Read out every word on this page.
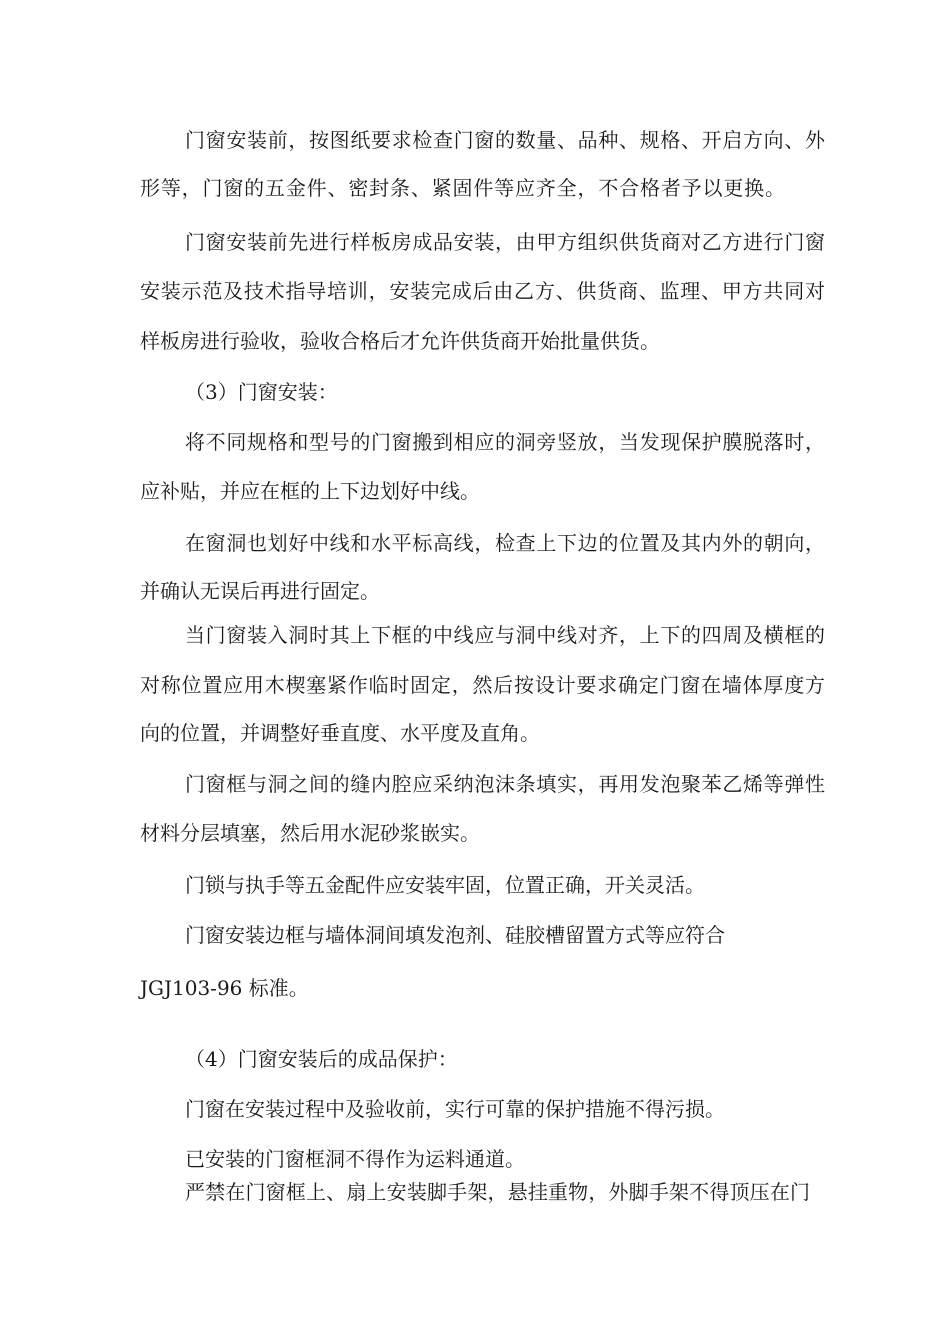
门窗安装前，按图纸要求检查门窗的数量、品种、规格、开启方向、外

形等，门窗的五金件、密封条、紧固件等应齐全，不合格者予以更换。

门窗安装前先进行样板房成品安装，由甲方组织供货商对乙方进行门窗

安装示范及技术指导培训，安装完成后由乙方、供货商、监理、甲方共同对

样板房进行验收，验收合格后才允许供货商开始批量供货。

（3）门窗安装：

将不同规格和型号的门窗搬到相应的洞旁竖放，当发现保护膜脱落时，

应补贴，并应在框的上下边划好中线。

在窗洞也划好中线和水平标高线，检查上下边的位置及其内外的朝向，

并确认无误后再进行固定。

当门窗装入洞时其上下框的中线应与洞中线对齐，上下的四周及横框的

对称位置应用木楔塞紧作临时固定，然后按设计要求确定门窗在墙体厚度方

向的位置，并调整好垂直度、水平度及直角。

门窗框与洞之间的缝内腔应采纳泡沫条填实，再用发泡聚苯乙烯等弹性

材料分层填塞，然后用水泥砂浆嵌实。

门锁与执手等五金配件应安装牢固，位置正确，开关灵活。

门窗安装边框与墙体洞间填发泡剂、硅胶槽留置方式等应符合

JGJ103-96 标准。

（4）门窗安装后的成品保护：

门窗在安装过程中及验收前，实行可靠的保护措施不得污损。

已安装的门窗框洞不得作为运料通道。

严禁在门窗框上、扇上安装脚手架，悬挂重物，外脚手架不得顶压在门
